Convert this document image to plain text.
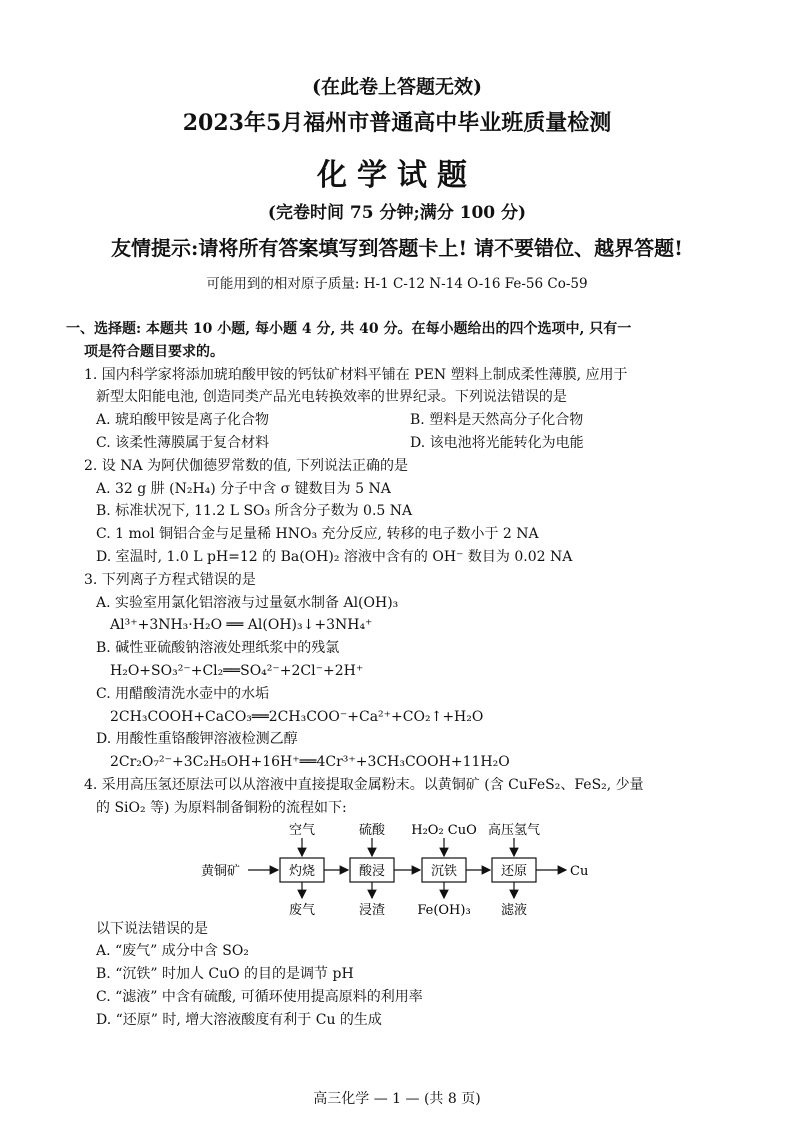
(在此卷上答题无效)
2023年5月福州市普通高中毕业班质量检测
化学试题
(完卷时间 75 分钟;满分 100 分)
友情提示:请将所有答案填写到答题卡上! 请不要错位、越界答题!
可能用到的相对原子质量: H-1 C-12 N-14 O-16 Fe-56 Co-59
一、选择题: 本题共 10 小题, 每小题 4 分, 共 40 分。在每小题给出的四个选项中, 只有一
项是符合题目要求的。
1. 国内科学家将添加琥珀酸甲铵的钙钛矿材料平铺在 PEN 塑料上制成柔性薄膜, 应用于
新型太阳能电池, 创造同类产品光电转换效率的世界纪录。下列说法错误的是
A. 琥珀酸甲铵是离子化合物	B. 塑料是天然高分子化合物
C. 该柔性薄膜属于复合材料	D. 该电池将光能转化为电能
2. 设 NA 为阿伏伽德罗常数的值, 下列说法正确的是
A. 32 g 肼 (N₂H₄) 分子中含 σ 键数目为 5 NA
B. 标准状况下, 11.2 L SO₃ 所含分子数为 0.5 NA
C. 1 mol 铜铝合金与足量稀 HNO₃ 充分反应, 转移的电子数小于 2 NA
D. 室温时, 1.0 L pH=12 的 Ba(OH)₂ 溶液中含有的 OH⁻ 数目为 0.02 NA
3. 下列离子方程式错误的是
A. 实验室用氯化铝溶液与过量氨水制备 Al(OH)₃
Al³⁺+3NH₃·H₂O ══ Al(OH)₃↓+3NH₄⁺
B. 碱性亚硫酸钠溶液处理纸浆中的残氯
H₂O+SO₃²⁻+Cl₂══SO₄²⁻+2Cl⁻+2H⁺
C. 用醋酸清洗水壶中的水垢
2CH₃COOH+CaCO₃══2CH₃COO⁻+Ca²⁺+CO₂↑+H₂O
D. 用酸性重铬酸钾溶液检测乙醇
2Cr₂O₇²⁻+3C₂H₅OH+16H⁺══4Cr³⁺+3CH₃COOH+11H₂O
4. 采用高压氢还原法可以从溶液中直接提取金属粉末。以黄铜矿 (含 CuFeS₂、FeS₂, 少量
的 SiO₂ 等) 为原料制备铜粉的流程如下:
黄铜矿	灼烧
空气
废气
酸浸
硫酸
浸渣
沉铁
H₂O₂ CuO
Fe(OH)₃
还原
高压氢气
滤液
Cu
以下说法错误的是
A. “废气” 成分中含 SO₂
B. “沉铁” 时加人 CuO 的目的是调节 pH
C. “滤液” 中含有硫酸, 可循环使用提高原料的利用率
D. “还原” 时, 增大溶液酸度有利于 Cu 的生成
高三化学 — 1 — (共 8 页)
